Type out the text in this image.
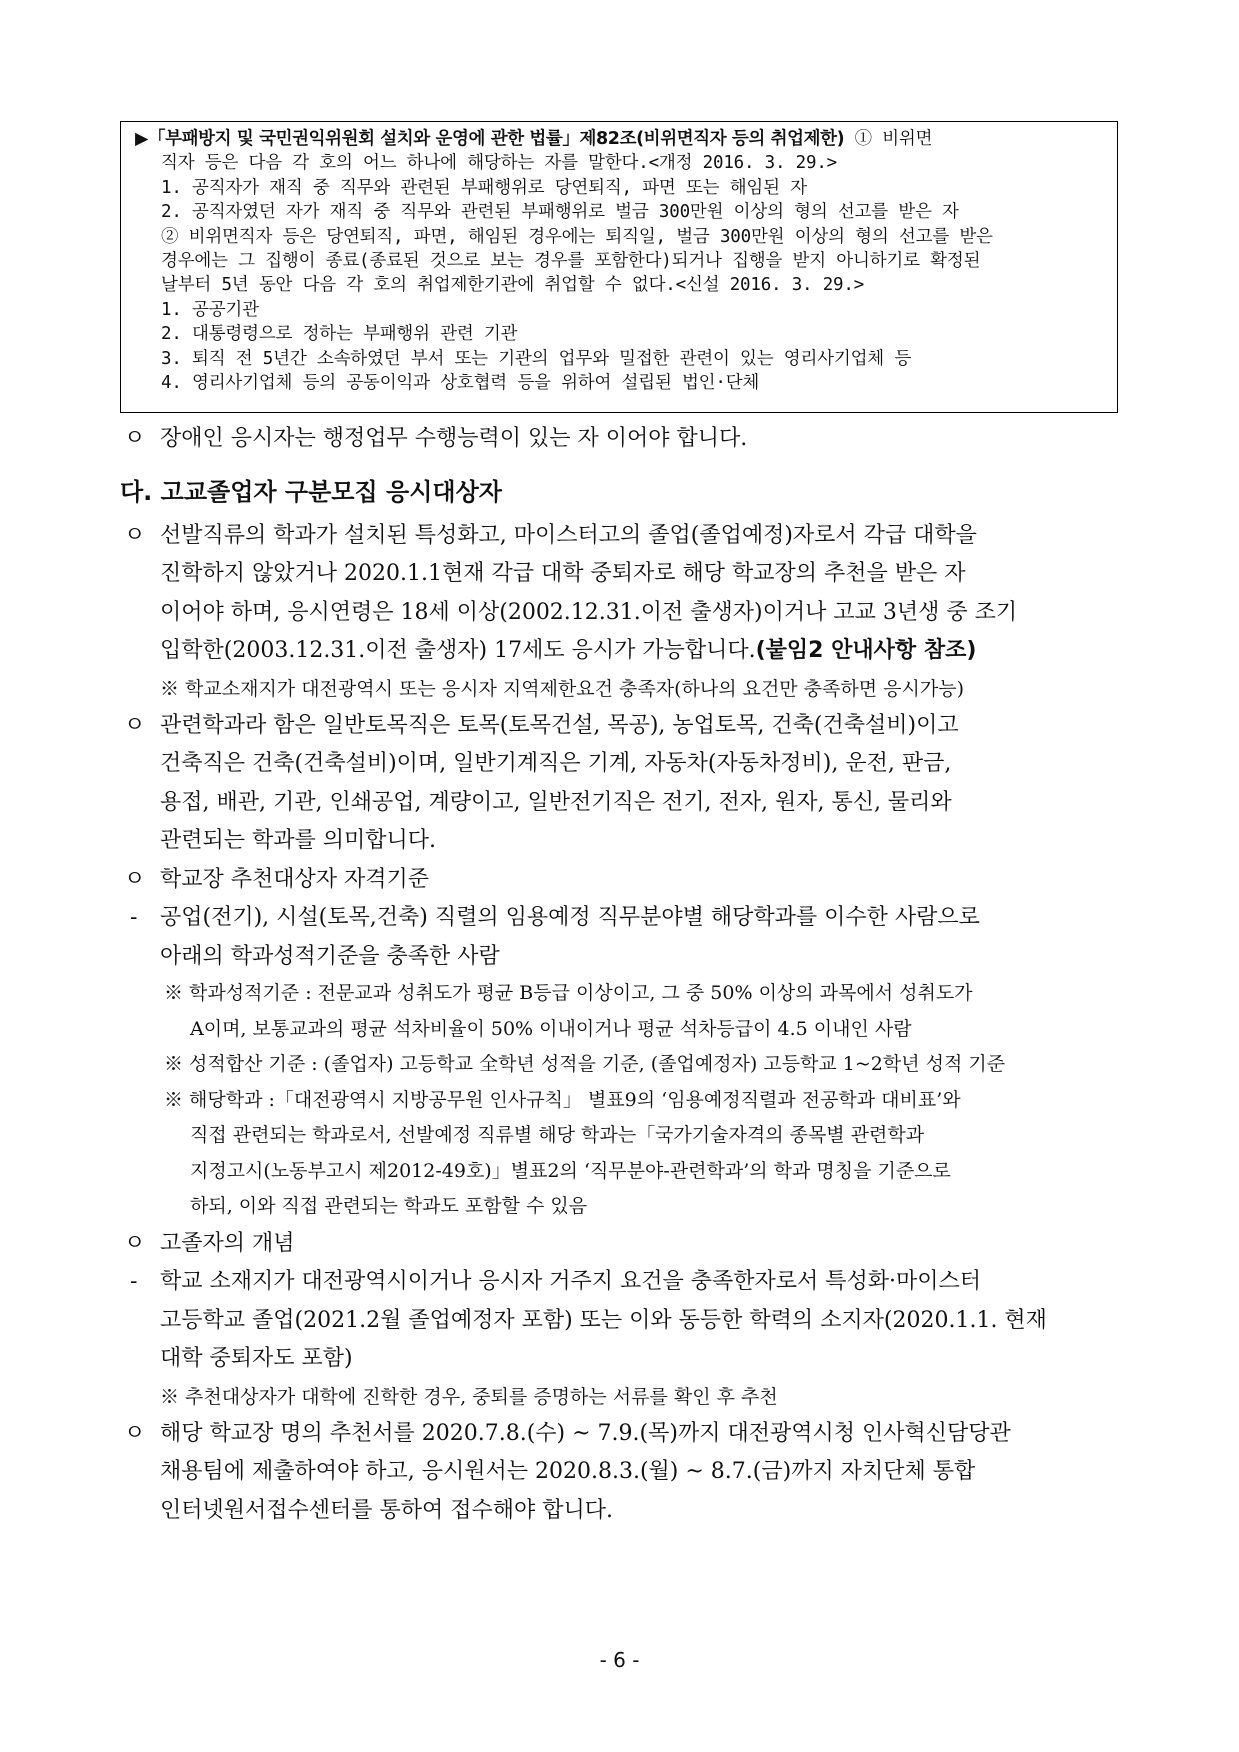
▶「부패방지 및 국민권익위원회 설치와 운영에 관한 법률」제82조(비위면직자 등의 취업제한) ① 비위면
직자 등은 다음 각 호의 어느 하나에 해당하는 자를 말한다.<개정 2016. 3. 29.>
1. 공직자가 재직 중 직무와 관련된 부패행위로 당연퇴직, 파면 또는 해임된 자
2. 공직자였던 자가 재직 중 직무와 관련된 부패행위로 벌금 300만원 이상의 형의 선고를 받은 자
② 비위면직자 등은 당연퇴직, 파면, 해임된 경우에는 퇴직일, 벌금 300만원 이상의 형의 선고를 받은
경우에는 그 집행이 종료(종료된 것으로 보는 경우를 포함한다)되거나 집행을 받지 아니하기로 확정된
날부터 5년 동안 다음 각 호의 취업제한기관에 취업할 수 없다.<신설 2016. 3. 29.>
1. 공공기관
2. 대통령령으로 정하는 부패행위 관련 기관
3. 퇴직 전 5년간 소속하였던 부서 또는 기관의 업무와 밀접한 관련이 있는 영리사기업체 등
4. 영리사기업체 등의 공동이익과 상호협력 등을 위하여 설립된 법인·단체
ㅇ 장애인 응시자는 행정업무 수행능력이 있는 자 이어야 합니다.
다. 고교졸업자 구분모집 응시대상자
ㅇ 선발직류의 학과가 설치된 특성화고, 마이스터고의 졸업(졸업예정)자로서 각급 대학을
진학하지 않았거나 2020.1.1현재 각급 대학 중퇴자로 해당 학교장의 추천을 받은 자
이어야 하며, 응시연령은 18세 이상(2002.12.31.이전 출생자)이거나 고교 3년생 중 조기
입학한(2003.12.31.이전 출생자) 17세도 응시가 가능합니다.(붙임2 안내사항 참조)
※ 학교소재지가 대전광역시 또는 응시자 지역제한요건 충족자(하나의 요건만 충족하면 응시가능)
ㅇ 관련학과라 함은 일반토목직은 토목(토목건설, 목공), 농업토목, 건축(건축설비)이고
건축직은 건축(건축설비)이며, 일반기계직은 기계, 자동차(자동차정비), 운전, 판금,
용접, 배관, 기관, 인쇄공업, 계량이고, 일반전기직은 전기, 전자, 원자, 통신, 물리와
관련되는 학과를 의미합니다.
ㅇ 학교장 추천대상자 자격기준
- 공업(전기), 시설(토목,건축) 직렬의 임용예정 직무분야별 해당학과를 이수한 사람으로
아래의 학과성적기준을 충족한 사람
※ 학과성적기준 : 전문교과 성취도가 평균 B등급 이상이고, 그 중 50% 이상의 과목에서 성취도가
A이며, 보통교과의 평균 석차비율이 50% 이내이거나 평균 석차등급이 4.5 이내인 사람
※ 성적합산 기준 : (졸업자) 고등학교 全학년 성적을 기준, (졸업예정자) 고등학교 1~2학년 성적 기준
※ 해당학과 :「대전광역시 지방공무원 인사규칙」 별표9의 ‘임용예정직렬과 전공학과 대비표’와
직접 관련되는 학과로서, 선발예정 직류별 해당 학과는「국가기술자격의 종목별 관련학과
지정고시(노동부고시 제2012-49호)」별표2의 ‘직무분야-관련학과’의 학과 명칭을 기준으로
하되, 이와 직접 관련되는 학과도 포함할 수 있음
ㅇ 고졸자의 개념
- 학교 소재지가 대전광역시이거나 응시자 거주지 요건을 충족한자로서 특성화·마이스터
고등학교 졸업(2021.2월 졸업예정자 포함) 또는 이와 동등한 학력의 소지자(2020.1.1. 현재
대학 중퇴자도 포함)
※ 추천대상자가 대학에 진학한 경우, 중퇴를 증명하는 서류를 확인 후 추천
ㅇ 해당 학교장 명의 추천서를 2020.7.8.(수) ~ 7.9.(목)까지 대전광역시청 인사혁신담당관
채용팀에 제출하여야 하고, 응시원서는 2020.8.3.(월) ~ 8.7.(금)까지 자치단체 통합
인터넷원서접수센터를 통하여 접수해야 합니다.
- 6 -
